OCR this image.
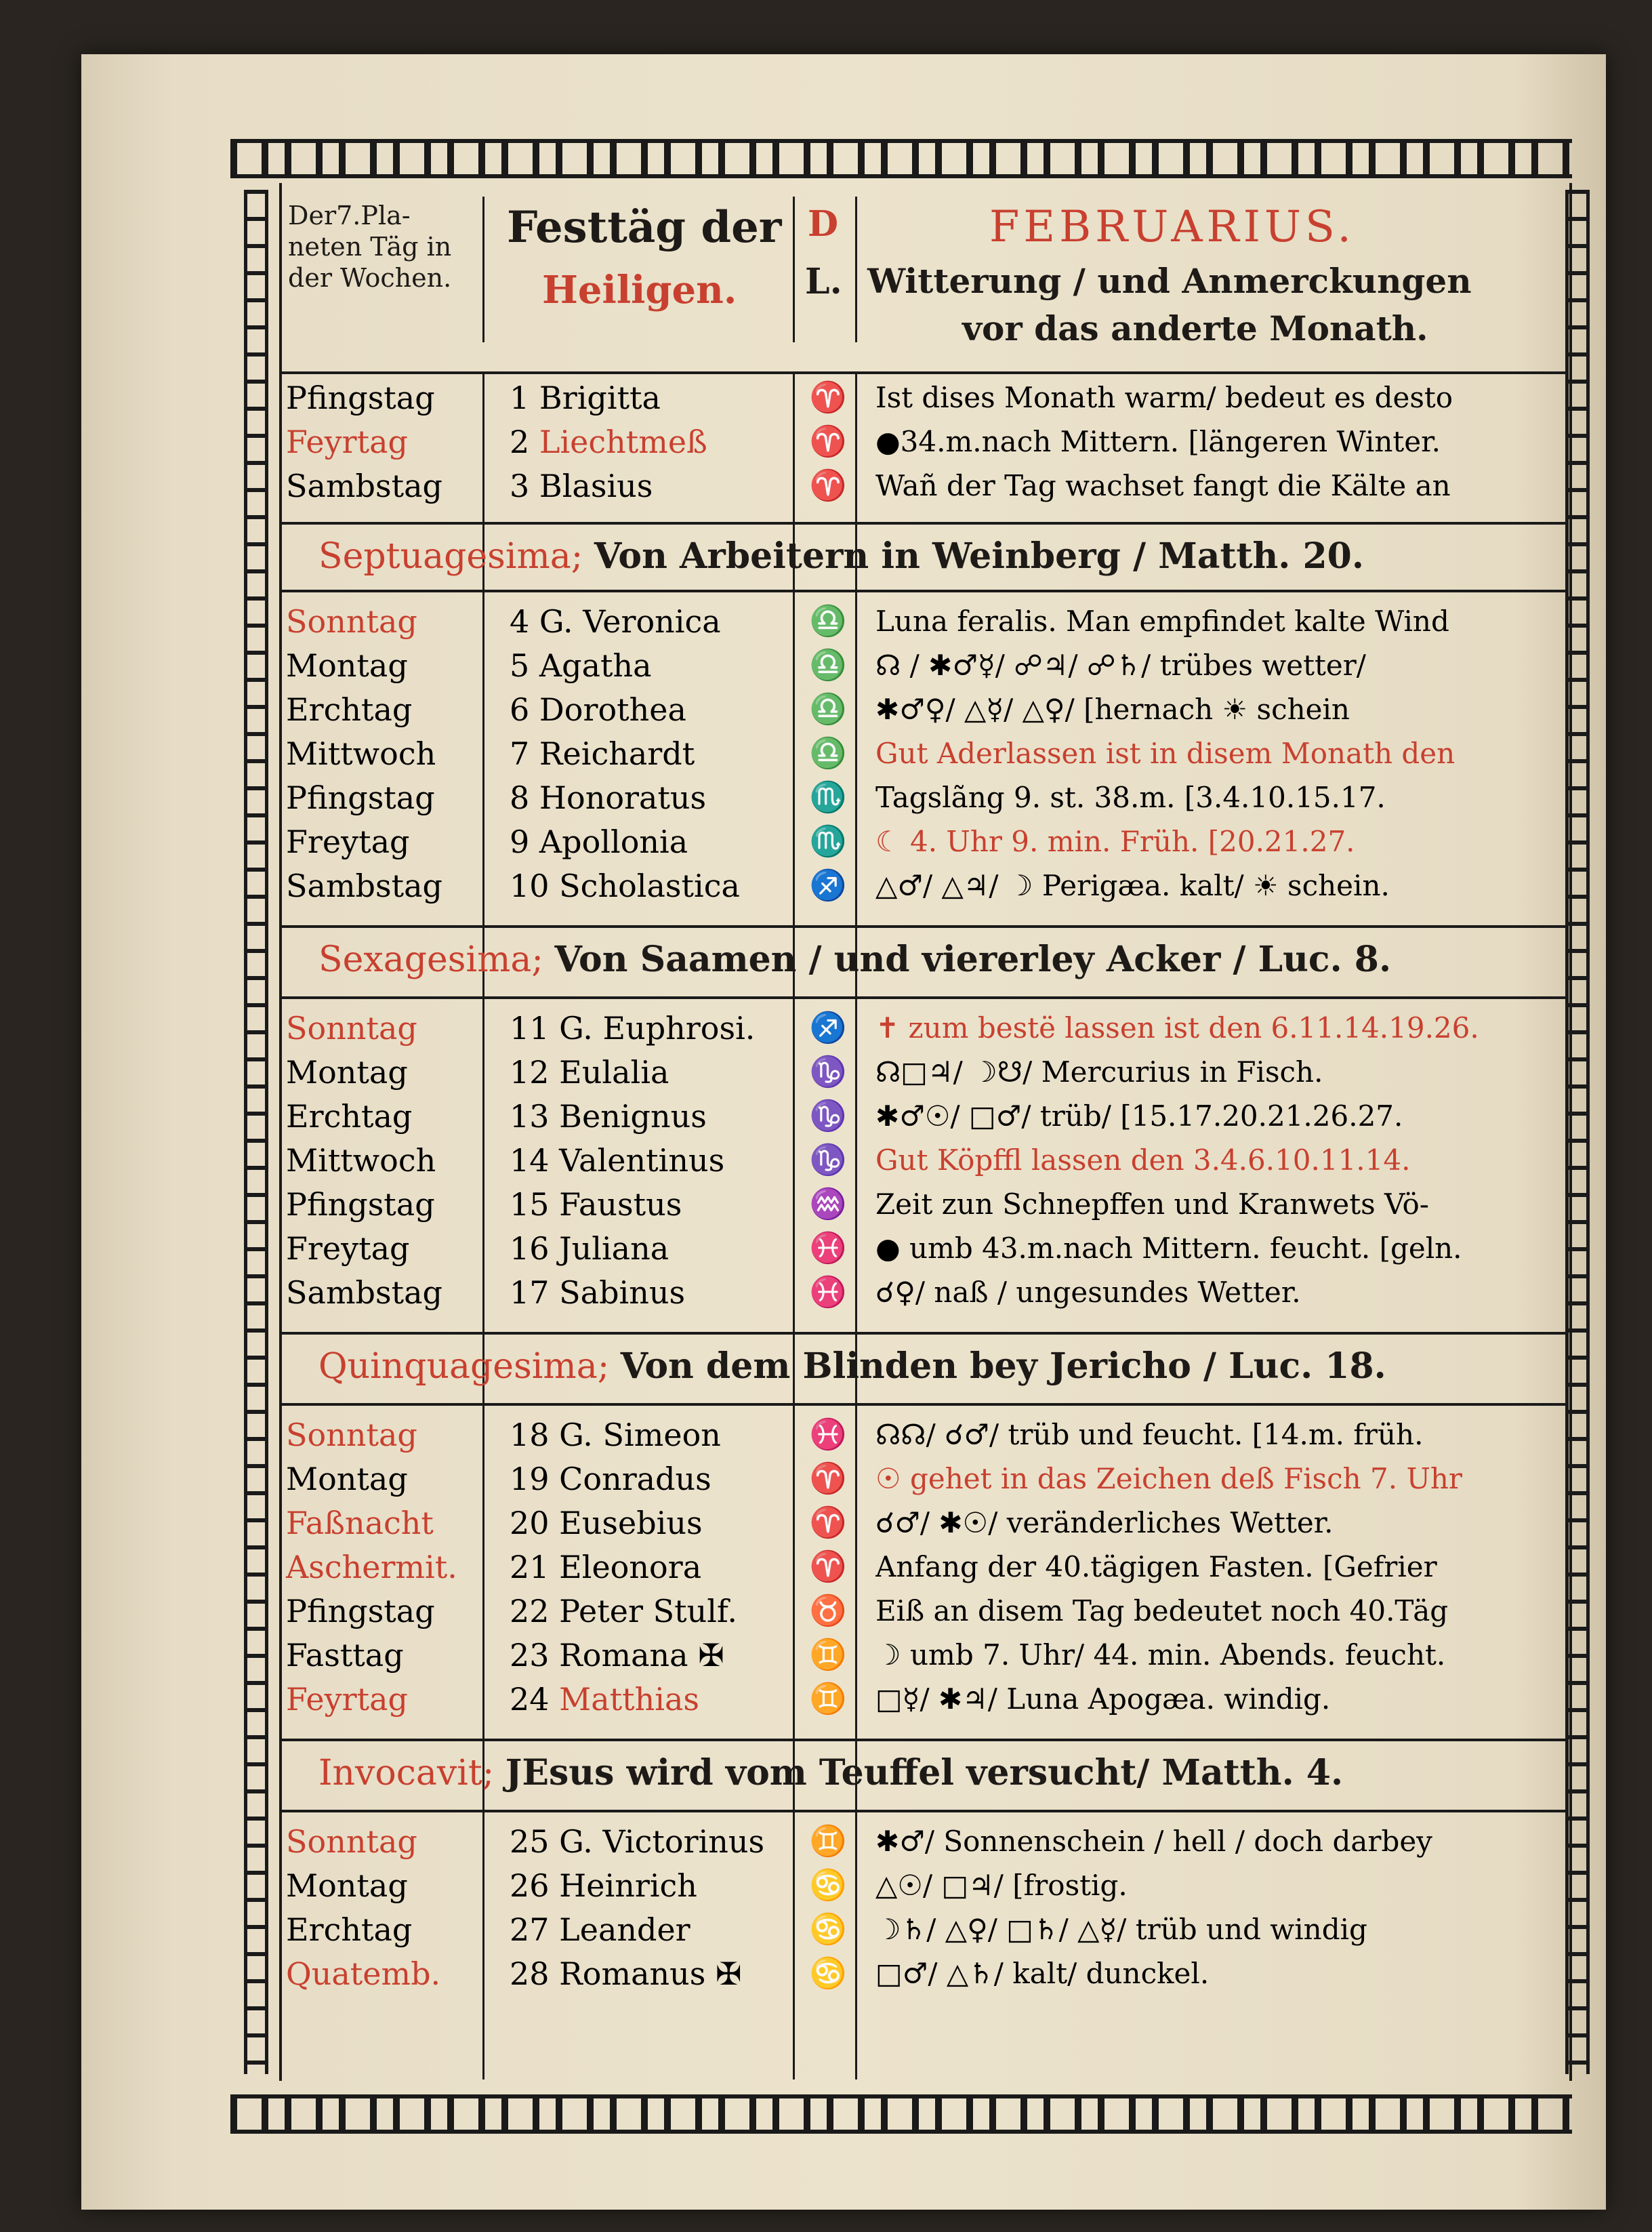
Der7.Pla-
neten Täg in
der Wochen.
Festtäg der
Heiligen.
D
L.
FEBRUARIUS.
Witterung / und Anmerckungen
vor das anderte Monath.
Pfingstag	1 Brigitta	♈	Ist dises Monath warm/ bedeut es desto
Feyrtag	2 Liechtmeß	♈	●34.m.nach Mittern. [längeren Winter.
Sambstag	3 Blasius	♈	Wañ der Tag wachset fangt die Kälte an
Septuagesima; Von Arbeitern in Weinberg / Matth. 20.
Sonntag	4 G. Veronica	♎	Luna feralis. Man empfindet kalte Wind
Montag	5 Agatha	♎	☊ / ✱♂☿/ ☍♃/ ☍♄/ trübes wetter/
Erchtag	6 Dorothea	♎	✱♂♀/ △☿/ △♀/ [hernach ☀ schein
Mittwoch	7 Reichardt	♎	Gut Aderlassen ist in disem Monath den
Pfingstag	8 Honoratus	♏	Tagslãng 9. st. 38.m. [3.4.10.15.17.
Freytag	9 Apollonia	♏	☾ 4. Uhr 9. min. Früh. [20.21.27.
Sambstag	10 Scholastica	♐	△♂/ △♃/ ☽ Perigæa. kalt/ ☀ schein.
Sexagesima; Von Saamen / und viererley Acker / Luc. 8.
Sonntag	11 G. Euphrosi.	♐	✝ zum bestë lassen ist den 6.11.14.19.26.
Montag	12 Eulalia	♑	☊□♃/ ☽☋/ Mercurius in Fisch.
Erchtag	13 Benignus	♑	✱♂☉/ □♂/ trüb/ [15.17.20.21.26.27.
Mittwoch	14 Valentinus	♑	Gut Köpffl lassen den 3.4.6.10.11.14.
Pfingstag	15 Faustus	♒	Zeit zun Schnepffen und Kranwets Vö-
Freytag	16 Juliana	♓	● umb 43.m.nach Mittern. feucht. [geln.
Sambstag	17 Sabinus	♓	☌♀/ naß / ungesundes Wetter.
Quinquagesima; Von dem Blinden bey Jericho / Luc. 18.
Sonntag	18 G. Simeon	♓	☊☊/ ☌♂/ trüb und feucht. [14.m. früh.
Montag	19 Conradus	♈	☉ gehet in das Zeichen deß Fisch 7. Uhr
Faßnacht	20 Eusebius	♈	☌♂/ ✱☉/ veränderliches Wetter.
Aschermit.	21 Eleonora	♈	Anfang der 40.tägigen Fasten. [Gefrier
Pfingstag	22 Peter Stulf.	♉	Eiß an disem Tag bedeutet noch 40.Täg
Fasttag	23 Romana ✠	♊	☽ umb 7. Uhr/ 44. min. Abends. feucht.
Feyrtag	24 Matthias	♊	□☿/ ✱♃/ Luna Apogæa. windig.
Invocavit; JEsus wird vom Teuffel versucht/ Matth. 4.
Sonntag	25 G. Victorinus	♊	✱♂/ Sonnenschein / hell / doch darbey
Montag	26 Heinrich	♋	△☉/ □♃/ [frostig.
Erchtag	27 Leander	♋	☽♄/ △♀/ □♄/ △☿/ trüb und windig
Quatemb.	28 Romanus ✠	♋	□♂/ △♄/ kalt/ dunckel.
